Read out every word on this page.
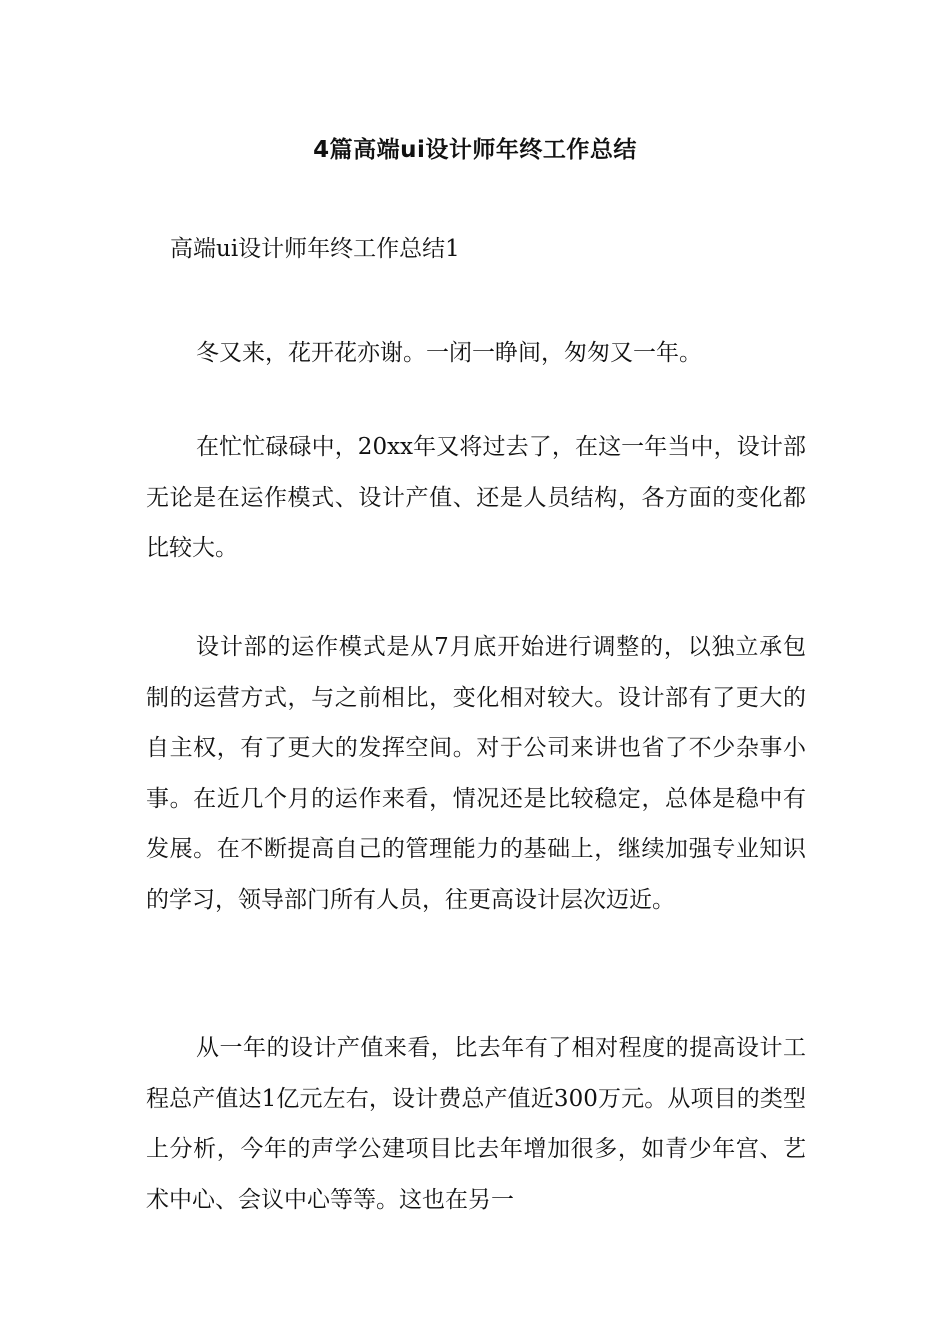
4篇高端ui设计师年终工作总结
高端ui设计师年终工作总结1

冬又来，花开花亦谢。一闭一睁间，匆匆又一年。

在忙忙碌碌中，20xx年又将过去了，在这一年当中，设计部无论是在运作模式、设计产值、还是人员结构，各方面的变化都比较大。

设计部的运作模式是从7月底开始进行调整的，以独立承包制的运营方式，与之前相比，变化相对较大。设计部有了更大的自主权，有了更大的发挥空间。对于公司来讲也省了不少杂事小事。在近几个月的运作来看，情况还是比较稳定，总体是稳中有发展。在不断提高自己的管理能力的基础上，继续加强专业知识的学习，领导部门所有人员，往更高设计层次迈近。

从一年的设计产值来看，比去年有了相对程度的提高设计工程总产值达1亿元左右，设计费总产值近300万元。从项目的类型上分析，今年的声学公建项目比去年增加很多，如青少年宫、艺术中心、会议中心等等。这也在另一
